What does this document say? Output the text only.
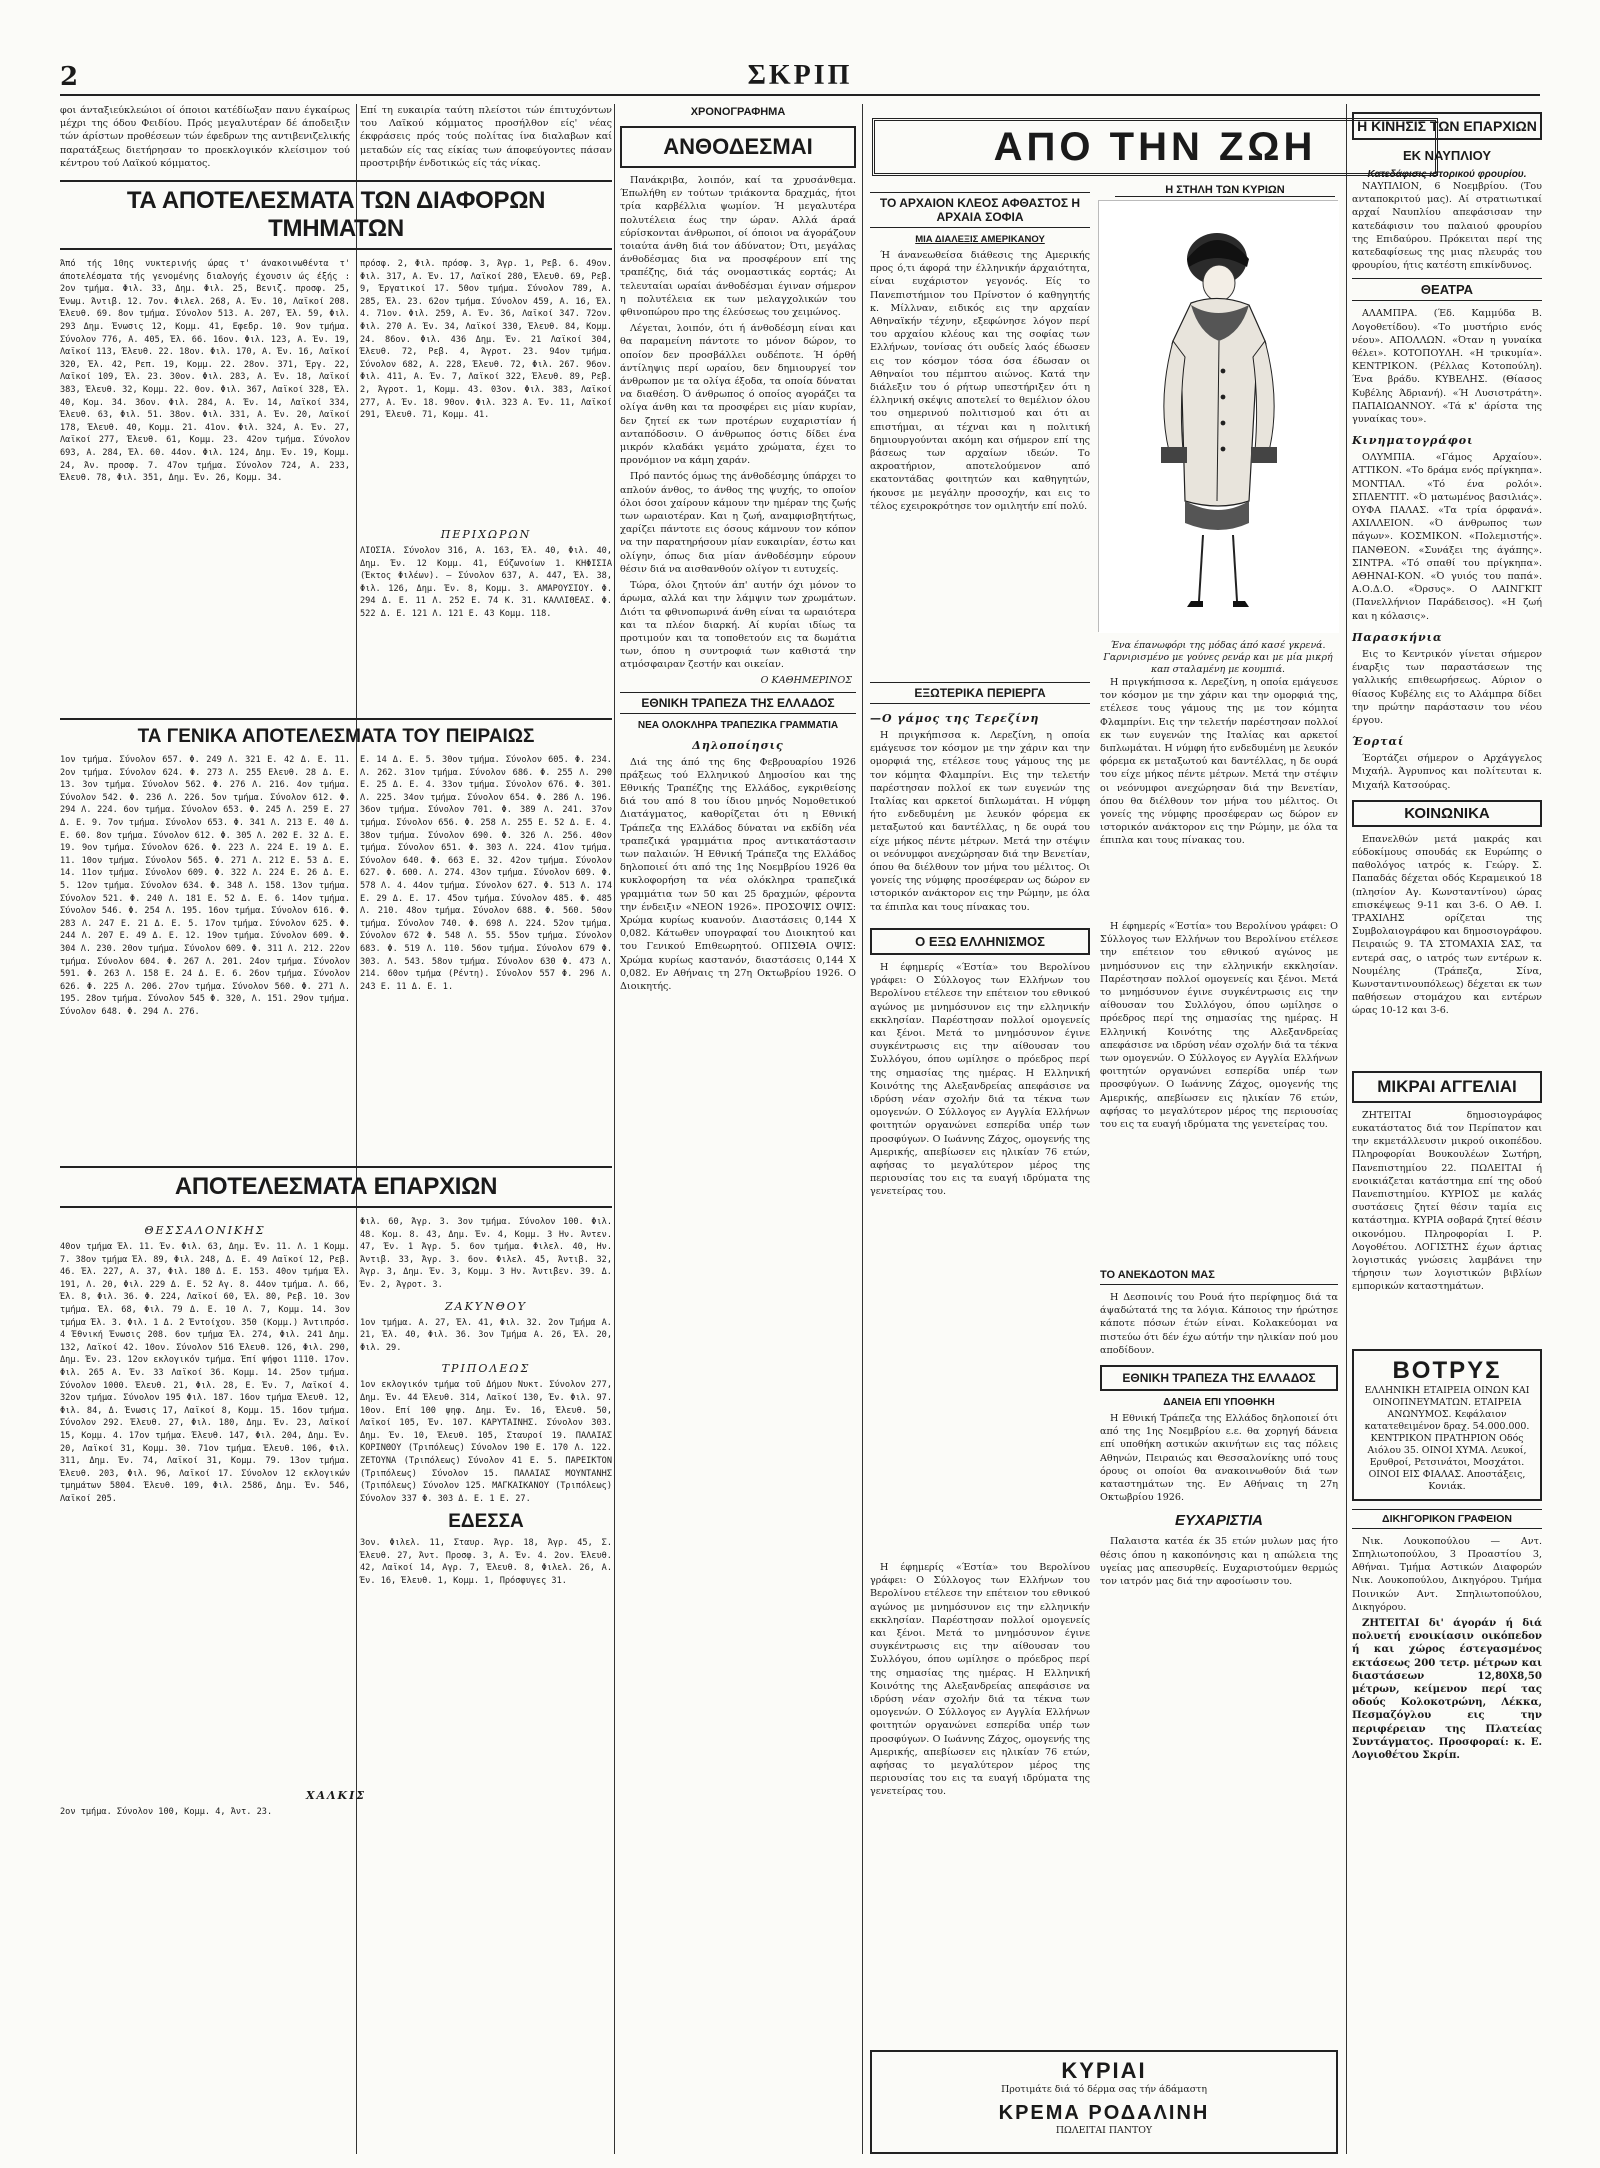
2	ΣΚΡΙΠ
φοι άνταξιεύκλεώιοι οί όποιοι κατέδίωξαν πανυ έγκαίρως μέχρι της όδου Φειδίου. Πρός μεγαλυτέραν δέ άποδειξιν τών άρίστων προθέσεων τών έφεδρων της αντιβενιζελικής παρατάξεως διετήρησαν το προεκλογικόν κλείσιμον τού κέντρου τού Λαϊκού κόμματος.
Επί τη ευκαιρία ταύτη πλείστοι τών έπιτυχόντων του Λαϊκού κόμματος προσήλθον είς' νέας έκφράσεις πρός τούς πολίτας ίνα διαλαβων καί μεταδών είς τας είκίας των άποφεύγοντες πάσαν προστριβήν ένδοτικώς είς τάς νίκας.
ΤΑ ΑΠΟΤΕΛΕΣΜΑΤΑ ΤΩΝ ΔΙΑΦΟΡΩΝ ΤΜΗΜΑΤΩΝ
Άπό τής 10ης νυκτερινής ώρας τ' άνακοινωθέντα τ' άποτελέσματα τής γενομένης διαλογής έχουσιν ώς έξής : 2ον τμήμα. Φιλ. 33, Δημ. Φιλ. 25, Βενιζ. προσφ. 25, Ένωμ. Άντιβ. 12. 7ον. Φιλελ. 268, Α. Έν. 10, Λαϊκοί 208. Έλευθ. 69. 8ον τμήμα. Σύνολον 513. Α. 207, Έλ. 59, Φιλ. 293 Δημ. Ένωσις 12, Κομμ. 41, Εφεδρ. 10. 9ον τμήμα. Σύνολον 776, Α. 405, Έλ. 66. 16ον. Φιλ. 123, Α. Έν. 19, Λαϊκοί 113, Έλευθ. 22. 18ον. Φιλ. 170, Α. Έν. 16, Λαϊκοί 320, Έλ. 42, Ρεπ. 19, Κομμ. 22. 28ον. 371, Έργ. 22, Λαϊκοί 109, Έλ. 23. 30ον. Φιλ. 283, Α. Έν. 18, Λαϊκοί 383, Έλευθ. 32, Κομμ. 22. 0ον. Φιλ. 367, Λαϊκοί 328, Έλ. 40, Κομ. 34. 36ον. Φιλ. 284, Α. Έν. 14, Λαϊκοί 334, Έλευθ. 63, Φιλ. 51. 38ον. Φιλ. 331, Α. Έν. 20, Λαϊκοί 178, Έλευθ. 40, Κομμ. 21. 41ον. Φιλ. 324, Α. Έν. 27, Λαϊκοί 277, Έλευθ. 61, Κομμ. 23. 42ον τμήμα. Σύνολον 693, Α. 284, Έλ. 60. 44ον. Φιλ. 124, Δημ. Έν. 19, Κομμ. 24, Άν. προσφ. 7. 47ον τμήμα. Σύνολον 724, Α. 233, Έλευθ. 78, Φιλ. 351, Δημ. Έν. 26, Κομμ. 34.
πρόσφ. 2, Φιλ. πρόσφ. 3, Άγρ. 1, Ρεβ. 6. 49ον. Φιλ. 317, Α. Έν. 17, Λαϊκοί 280, Έλευθ. 69, Ρεβ. 9, Έργατικοί 17. 50ον τμήμα. Σύνολον 789, Α. 285, Έλ. 23. 62ον τμήμα. Σύνολον 459, Α. 16, Έλ. 4. 71ον. Φιλ. 259, Α. Έν. 36, Λαϊκοί 347. 72ον. Φιλ. 270 Α. Έν. 34, Λαϊκοί 330, Έλευθ. 84, Κομμ. 24. 86ον. Φιλ. 436 Δημ. Έν. 21 Λαϊκοί 304, Έλευθ. 72, Ρεβ. 4, Άγροτ. 23. 94ον τμήμα. Σύνολον 682, Α. 228, Έλευθ. 72, Φιλ. 267. 96ον. Φιλ. 411, Α. Έν. 7, Λαϊκοί 322, Έλευθ. 89, Ρεβ. 2, Άγροτ. 1, Κομμ. 43. 03ον. Φιλ. 383, Λαϊκοί 277, Α. Έν. 18. 90ον. Φιλ. 323 Α. Έν. 11, Λαϊκοί 291, Έλευθ. 71, Κομμ. 41.
ΠΕΡΙΧΩΡΩΝ
ΛΙΟΣΙΑ. Σύνολον 316, Α. 163, Έλ. 40, Φιλ. 40, Δημ. Έν. 12 Κομμ. 41, Εύζωνοίων 1. ΚΗΦΙΣΙΑ (Έκτος Φιλέων). — Σύνολον 637, Α. 447, Έλ. 38, Φιλ. 126, Δημ. Έν. 8, Κομμ. 3. ΑΜΑΡΟΥΣΙΟΥ. Φ. 294 Δ. Ε. 11 Λ. 252 Ε. 74 Κ. 31. ΚΑΛΛΙΘΕΑΣ. Φ. 522 Δ. Ε. 121 Λ. 121 Ε. 43 Κομμ. 118.
ΤΑ ΓΕΝΙΚΑ ΑΠΟΤΕΛΕΣΜΑΤΑ ΤΟΥ ΠΕΙΡΑΙΩΣ
1ον τμήμα. Σύνολον 657. Φ. 249 Λ. 321 Ε. 42 Δ. Ε. 11. 2ον τμήμα. Σύνολον 624. Φ. 273 Λ. 255 Ελευθ. 28 Δ. Ε. 13. 3ον τμήμα. Σύνολον 562. Φ. 276 Λ. 216. 4ον τμήμα. Σύνολον 542. Φ. 236 Λ. 226. 5ον τμήμα. Σύνολον 612. Φ. 294 Λ. 224. 6ον τμήμα. Σύνολον 653. Φ. 245 Λ. 259 Ε. 27 Δ. Ε. 9. 7ον τμήμα. Σύνολον 653. Φ. 341 Λ. 213 Ε. 40 Δ. Ε. 60. 8ον τμήμα. Σύνολον 612. Φ. 305 Λ. 202 Ε. 32 Δ. Ε. 19. 9ον τμήμα. Σύνολον 626. Φ. 223 Λ. 224 Ε. 19 Δ. Ε. 11. 10ον τμήμα. Σύνολον 565. Φ. 271 Λ. 212 Ε. 53 Δ. Ε. 14. 11ον τμήμα. Σύνολον 609. Φ. 322 Λ. 224 Ε. 26 Δ. Ε. 5. 12ον τμήμα. Σύνολον 634. Φ. 348 Λ. 158. 13ον τμήμα. Σύνολον 521. Φ. 240 Λ. 181 Ε. 52 Δ. Ε. 6. 14ον τμήμα. Σύνολον 546. Φ. 254 Λ. 195. 16ον τμήμα. Σύνολον 616. Φ. 283 Λ. 247 Ε. 21 Δ. Ε. 5. 17ον τμήμα. Σύνολον 625. Φ. 244 Λ. 207 Ε. 49 Δ. Ε. 12. 19ον τμήμα. Σύνολον 609. Φ. 304 Λ. 230. 20ον τμήμα. Σύνολον 609. Φ. 311 Λ. 212. 22ον τμήμα. Σύνολον 604. Φ. 267 Λ. 201. 24ον τμήμα. Σύνολον 591. Φ. 263 Λ. 158 Ε. 24 Δ. Ε. 6. 26ον τμήμα. Σύνολον 626. Φ. 225 Λ. 206. 27ον τμήμα. Σύνολον 560. Φ. 271 Λ. 195. 28ον τμήμα. Σύνολον 545 Φ. 320, Λ. 151. 29ον τμήμα. Σύνολον 648. Φ. 294 Λ. 276.
Ε. 14 Δ. Ε. 5. 30ον τμήμα. Σύνολον 605. Φ. 234. Λ. 262. 31ον τμήμα. Σύνολον 686. Φ. 255 Λ. 290 Ε. 25 Δ. Ε. 4. 33ον τμήμα. Σύνολον 676. Φ. 301. Λ. 225. 34ον τμήμα. Σύνολον 654. Φ. 286 Λ. 196. 36ον τμήμα. Σύνολον 701. Φ. 389 Λ. 241. 37ον τμήμα. Σύνολον 656. Φ. 258 Λ. 255 Ε. 52 Δ. Ε. 4. 38ον τμήμα. Σύνολον 690. Φ. 326 Λ. 256. 40ον τμήμα. Σύνολον 651. Φ. 303 Λ. 224. 41ον τμήμα. Σύνολον 640. Φ. 663 Ε. 32. 42ον τμήμα. Σύνολον 627. Φ. 600. Λ. 274. 43ον τμήμα. Σύνολον 609. Φ. 578 Λ. 4. 44ον τμήμα. Σύνολον 627. Φ. 513 Λ. 174 Ε. 29 Δ. Ε. 17. 45ον τμήμα. Σύνολον 485. Φ. 485 Λ. 210. 48ον τμήμα. Σύνολον 688. Φ. 560. 50ον τμήμα. Σύνολον 740. Φ. 698 Λ. 224. 52ον τμήμα. Σύνολον 672 Φ. 548 Λ. 55. 55ον τμήμα. Σύνολον 683. Φ. 519 Λ. 110. 56ον τμήμα. Σύνολον 679 Φ. 303. Λ. 543. 58ον τμήμα. Σύνολον 630 Φ. 473 Λ. 214. 60ον τμήμα (Ρέντη). Σύνολον 557 Φ. 296 Λ. 243 Ε. 11 Δ. Ε. 1.
ΑΠΟΤΕΛΕΣΜΑΤΑ ΕΠΑΡΧΙΩΝ
ΘΕΣΣΑΛΟΝΙΚΗΣ
40ον τμήμα Έλ. 11. Έν. Φιλ. 63, Δημ. Έν. 11. Λ. 1 Κομμ. 7. 38ον τμήμα Έλ. 89, Φιλ. 248, Δ. Ε. 49 Λαϊκοί 12, Ρεβ. 46. Έλ. 227, Α. 37, Φιλ. 180 Δ. Ε. 153. 40ον τμήμα Έλ. 191, Λ. 20, Φιλ. 229 Δ. Ε. 52 Αγ. 8. 44ον τμήμα. Λ. 66, Έλ. 8, Φιλ. 36. Φ. 224, Λαϊκοί 60, Έλ. 80, Ρεβ. 10. 3ον τμήμα. Έλ. 68, Φιλ. 79 Δ. Ε. 10 Λ. 7, Κομμ. 14. 3ον τμήμα Έλ. 3. Φιλ. 1 Δ. 2 Έντοίχου. 350 (Κομμ.) Άντιπρόσ. 4 Έθνική Ένωσις 208. 6ον τμήμα Έλ. 274, Φιλ. 241 Δημ. 132, Λαϊκοί 42. 10ον. Σύνολον 516 Έλευθ. 126, Φιλ. 290, Δημ. Έν. 23. 12ον εκλογικόν τμήμα. Έπί ψήφοι 1110. 17ον. Φιλ. 265 Α. Έν. 33 Λαϊκοί 36. Κομμ. 14. 25ον τμήμα. Σύνολον 1000. Έλευθ. 21, Φιλ. 28, Ε. Έν. 7, Λαϊκοί 4. 32ον τμήμα. Σύνολον 195 Φιλ. 187. 16ον τμήμα Έλευθ. 12, Φιλ. 84, Δ. Ένωσις 17, Λαϊκοί 8, Κομμ. 15. 16ον τμήμα. Σύνολον 292. Έλευθ. 27, Φιλ. 180, Δημ. Έν. 23, Λαϊκοί 15, Κομμ. 4. 17ον τμήμα. Έλευθ. 147, Φιλ. 204, Δημ. Έν. 20, Λαϊκοί 31, Κομμ. 30. 71ον τμήμα. Έλευθ. 106, Φιλ. 311, Δημ. Έν. 74, Λαϊκοί 31, Κομμ. 79. 13ον τμήμα. Έλευθ. 203, Φιλ. 96, Λαϊκοί 17. Σύνολον 12 εκλογικών τμημάτων 5804. Έλευθ. 109, Φιλ. 2586, Δημ. Έν. 546, Λαϊκοί 205.
Φιλ. 60, Άγρ. 3. 3ον τμήμα. Σύνολον 100. Φιλ. 48. Κομ. 8. 43, Δημ. Έν. 4, Κομμ. 3 Ην. Άντεν. 47, Έν. 1 Άγρ. 5. 6ον τμήμα. Φιλελ. 40, Ην. Άντιβ. 33, Άγρ. 3. 6ον. Φιλελ. 45, Άντιβ. 32, Άγρ. 3, Δημ. Έν. 3, Κομμ. 3 Ην. Άντιβεν. 39. Δ. Έν. 2, Άγροτ. 3.
ΖΑΚΥΝΘΟΥ
1ον τμήμα. Α. 27, Έλ. 41, Φιλ. 32. 2ον Τμήμα Α. 21, Έλ. 40, Φιλ. 36. 3ον Τμήμα Α. 26, Έλ. 20, Φιλ. 29.
ΤΡΙΠΟΛΕΩΣ
1ον εκλογικόν τμήμα τοῦ Δήμου Νυκτ. Σύνολον 277, Δημ. Έν. 44 Έλευθ. 314, Λαϊκοί 130, Έν. Φιλ. 97. 10ον. Επί 100 ψηφ. Δημ. Έν. 16, Έλευθ. 50, Λαϊκοί 105, Έν. 107. ΚΑΡΥΤΑΙΝΗΣ. Σύνολον 303. Δημ. Έν. 10, Έλευθ. 105, Σταυροί 19. ΠΑΛΑΙΑΣ ΚΟΡΙΝΘΟΥ (Τριπόλεως) Σύνολον 190 Ε. 170 Λ. 122. ΖΕΤΟΥΝΑ (Τριπόλεως) Σύνολον 41 Ε. 5. ΠΑΡΕΙΚΤΟΝ (Τριπόλεως) Σύνολον 15. ΠΑΛΑΙΑΣ ΜΟΥΝΤΑΝΗΣ (Τριπόλεως) Σύνολον 125. ΜΑΓΚΑΙΚΑΝΟΥ (Τριπόλεως) Σύνολον 337 Φ. 303 Δ. Ε. 1 Ε. 27.
ΕΔΕΣΣΑ
3ον. Φιλελ. 11, Σταυρ. Άγρ. 18, Άγρ. 45, Σ. Έλευθ. 27, Άντ. Προσφ. 3, Α. Έν. 4. 2ον. Έλευθ. 42, Λαϊκοί 14, Αγρ. 7, Έλευθ. 8, Φιλελ. 26, Α. Έν. 16, Έλευθ. 1, Κομμ. 1, Πρόσφυγες 31.
ΧΑΛΚΙΣ
2ον τμήμα. Σύνολον 100, Κομμ. 4, Άντ. 23.
ΧΡΟΝΟΓΡΑΦΗΜΑ
ΑΝΘΟΔΕΣΜΑΙ

Πανάκριβα, λοιπόν, καί τα χρυσάνθεμα. Έπωλήθη εν τούτων τριάκοντα δραχμάς, ήτοι τρία καρβέλλια ψωμίον. Ή μεγαλυτέρα πολυτέλεια έως την ώραν. Αλλά άραά εύρίσκονται άνθρωποι, οί όποιοι να άγοράζουν τοιαύτα άνθη διά τον άδύνατον; Ότι, μεγάλας άνθοδέσμας δια να προσφέρουν επί της τραπέζης, διά τάς ονομαστικάς εορτάς; Αι τελευταίαι ωραίαι άνθοδέσμαι έγιναν σήμερον η πολυτέλεια εκ των μελαγχολικών του φθινοπώρου προ της έλεύσεως του χειμώνος.

Λέγεται, λοιπόν, ότι ή άνθοδέσμη είναι και θα παραμείνη πάντοτε το μόνον δώρον, το οποίον δεν προσβάλλει ουδέποτε. Ή όρθή άντίληψις περί ωραίου, δεν δημιουργεί τον άνθρωπον με τα ολίγα έξοδα, τα οποία δύναται να διαθέση. Ό άνθρωπος ό οποίος αγοράζει τα ολίγα άνθη και τα προσφέρει εις μίαν κυρίαν, δεν ζητεί εκ των προτέρων ευχαριστίαν ή ανταπόδοσιν. Ο άνθρωπος όστις δίδει ένα μικρόν κλαδάκι γεμάτο χρώματα, έχει το προνόμιον να κάμη χαράν.

Πρό παντός όμως της άνθοδέσμης ύπάρχει το απλούν άνθος, το άνθος της ψυχής, το οποίον όλοι όσοι χαίρουν κάμουν την ημέραν της ζωής των ωραιοτέραν. Και η ζωή, αναμφισβητήτως, χαρίζει πάντοτε εις όσους κάμνουν τον κόπον να την παρατηρήσουν μίαν ευκαιρίαν, έστω και ολίγην, όπως δια μίαν άνθοδέσμην εύρουν θέσιν διά να αισθανθούν ολίγον τι ευτυχείς.

Τώρα, όλοι ζητούν άπ' αυτήν όχι μόνον το άρωμα, αλλά και την λάμψιν των χρωμάτων. Διότι τα φθινοπωρινά άνθη είναι τα ωραιότερα και τα πλέον διαρκή. Αί κυρίαι ιδίως τα προτιμούν και τα τοποθετούν εις τα δωμάτια των, όπου η συντροφιά των καθιστά την ατμόσφαιραν ζεστήν και οικείαν.

Ο ΚΑΘΗΜΕΡΙΝΟΣ
ΕΘΝΙΚΗ ΤΡΑΠΕΖΑ ΤΗΣ ΕΛΛΑΔΟΣ
ΝΕΑ ΟΛΟΚΛΗΡΑ ΤΡΑΠΕΖΙΚΑ ΓΡΑΜΜΑΤΙΑ
Δηλοποίησις

Διά της άπό της 6ης Φεβρουαρίου 1926 πράξεως τού Ελληνικού Δημοσίου και της Εθνικής Τραπέζης της Ελλάδος, εγκριθείσης διά του από 8 του ίδιου μηνός Νομοθετικού Διατάγματος, καθορίζεται ότι η Εθνική Τράπεζα της Ελλάδος δύναται να εκδίδη νέα τραπεζικά γραμμάτια προς αντικατάστασιν των παλαιών. Ή Εθνική Τράπεζα της Ελλάδος δηλοποιεί ότι από της 1ης Νοεμβρίου 1926 θα κυκλοφορήση τα νέα ολόκληρα τραπεζικά γραμμάτια των 50 και 25 δραχμών, φέροντα την ένδειξιν «ΝΕΟΝ 1926». ΠΡΟΣΟΨΙΣ ΟΨΙΣ: Χρώμα κυρίως κυανούν. Διαστάσεις 0,144 Χ 0,082. Κάτωθεν υπογραφαί του Διοικητού και του Γενικού Επιθεωρητού. ΟΠΙΣΘΙΑ ΟΨΙΣ: Χρώμα κυρίως καστανόν, διαστάσεις 0,144 Χ 0,082. Εν Αθήναις τη 27η Οκτωβρίου 1926. Ο Διοικητής.

ΑΠΟ ΤΗΝ ΖΩΗ
Η ΣΤΗΛΗ ΤΩΝ ΚΥΡΙΩΝ
Ένα έπανωφόρι της μόδας άπό κασέ γκρενά. Γαρνιρισμένο με γούνες ρενάρ και με μία μικρή καπ σταλαμένη με κουμπιά.
ΤΟ ΑΡΧΑΙΟΝ ΚΛΕΟΣ ΑΦΘΑΣΤΟΣ Η ΑΡΧΑΙΑ ΣΟΦΙΑ
ΜΙΑ ΔΙΑΛΕΞΙΣ ΑΜΕΡΙΚΑΝΟΥ

Ή άνανεωθείσα διάθεσις της Αμερικής προς ό,τι άφορά την έλληνικήν άρχαιότητα, είναι ευχάριστον γεγονός. Είς το Πανεπιστήμιον του Πρίνστον ό καθηγητής κ. Μίλλναν, ειδικός εις την αρχαίαν Αθηναϊκήν τέχνην, εξεφώνησε λόγον περί του αρχαίου κλέους και της σοφίας των Ελλήνων, τονίσας ότι ουδείς λαός έδωσεν εις τον κόσμον τόσα όσα έδωσαν οι Αθηναίοι του πέμπτου αιώνος. Κατά την διάλεξιν του ό ρήτωρ υπεστήριξεν ότι η έλληνική σκέψις αποτελεί το θεμέλιον όλου του σημερινού πολιτισμού και ότι αι επιστήμαι, αι τέχναι και η πολιτική δημιουργούνται ακόμη και σήμερον επί της βάσεως των αρχαίων ιδεών. Το ακροατήριον, αποτελούμενον από εκατοντάδας φοιτητών και καθηγητών, ήκουσε με μεγάλην προσοχήν, και εις το τέλος εχειροκρότησε τον ομιλητήν επί πολύ.

ΕΞΩΤΕΡΙΚΑ ΠΕΡΙΕΡΓΑ
—Ο γάμος της Τερεζίνη

Η πριγκήπισσα κ. Λερεζίνη, η οποία εμάγευσε τον κόσμον με την χάριν και την ομορφιά της, ετέλεσε τους γάμους της με τον κόμητα Φλαμπρίνι. Εις την τελετήν παρέστησαν πολλοί εκ των ευγενών της Ιταλίας και αρκετοί διπλωμάται. Η νύμφη ήτο ενδεδυμένη με λευκόν φόρεμα εκ μεταξωτού και δαντέλλας, η δε ουρά του είχε μήκος πέντε μέτρων. Μετά την στέψιν οι νεόνυμφοι ανεχώρησαν διά την Βενετίαν, όπου θα διέλθουν τον μήνα του μέλιτος. Οι γονείς της νύμφης προσέφεραν ως δώρον εν ιστορικόν ανάκτορον εις την Ρώμην, με όλα τα έπιπλα και τους πίνακας του.

Η πριγκήπισσα κ. Λερεζίνη, η οποία εμάγευσε τον κόσμον με την χάριν και την ομορφιά της, ετέλεσε τους γάμους της με τον κόμητα Φλαμπρίνι. Εις την τελετήν παρέστησαν πολλοί εκ των ευγενών της Ιταλίας και αρκετοί διπλωμάται. Η νύμφη ήτο ενδεδυμένη με λευκόν φόρεμα εκ μεταξωτού και δαντέλλας, η δε ουρά του είχε μήκος πέντε μέτρων. Μετά την στέψιν οι νεόνυμφοι ανεχώρησαν διά την Βενετίαν, όπου θα διέλθουν τον μήνα του μέλιτος. Οι γονείς της νύμφης προσέφεραν ως δώρον εν ιστορικόν ανάκτορον εις την Ρώμην, με όλα τα έπιπλα και τους πίνακας του.

Ο ΕΞΩ ΕΛΛΗΝΙΣΜΟΣ

Η έφημερίς «Έστία» του Βερολίνου γράφει: Ο Σύλλογος των Ελλήνων του Βερολίνου ετέλεσε την επέτειον του εθνικού αγώνος με μνημόσυνον εις την ελληνικήν εκκλησίαν. Παρέστησαν πολλοί ομογενείς και ξένοι. Μετά το μνημόσυνον έγινε συγκέντρωσις εις την αίθουσαν του Συλλόγου, όπου ωμίλησε ο πρόεδρος περί της σημασίας της ημέρας. Η Ελληνική Κοινότης της Αλεξανδρείας απεφάσισε να ιδρύση νέαν σχολήν διά τα τέκνα των ομογενών. Ο Σύλλογος εν Αγγλία Ελλήνων φοιτητών οργανώνει εσπερίδα υπέρ των προσφύγων. Ο Ιωάννης Ζάχος, ομογενής της Αμερικής, απεβίωσεν εις ηλικίαν 76 ετών, αφήσας το μεγαλύτερον μέρος της περιουσίας του εις τα ευαγή ιδρύματα της γενετείρας του.

Η έφημερίς «Έστία» του Βερολίνου γράφει: Ο Σύλλογος των Ελλήνων του Βερολίνου ετέλεσε την επέτειον του εθνικού αγώνος με μνημόσυνον εις την ελληνικήν εκκλησίαν. Παρέστησαν πολλοί ομογενείς και ξένοι. Μετά το μνημόσυνον έγινε συγκέντρωσις εις την αίθουσαν του Συλλόγου, όπου ωμίλησε ο πρόεδρος περί της σημασίας της ημέρας. Η Ελληνική Κοινότης της Αλεξανδρείας απεφάσισε να ιδρύση νέαν σχολήν διά τα τέκνα των ομογενών. Ο Σύλλογος εν Αγγλία Ελλήνων φοιτητών οργανώνει εσπερίδα υπέρ των προσφύγων. Ο Ιωάννης Ζάχος, ομογενής της Αμερικής, απεβίωσεν εις ηλικίαν 76 ετών, αφήσας το μεγαλύτερον μέρος της περιουσίας του εις τα ευαγή ιδρύματα της γενετείρας του.

Η έφημερίς «Έστία» του Βερολίνου γράφει: Ο Σύλλογος των Ελλήνων του Βερολίνου ετέλεσε την επέτειον του εθνικού αγώνος με μνημόσυνον εις την ελληνικήν εκκλησίαν. Παρέστησαν πολλοί ομογενείς και ξένοι. Μετά το μνημόσυνον έγινε συγκέντρωσις εις την αίθουσαν του Συλλόγου, όπου ωμίλησε ο πρόεδρος περί της σημασίας της ημέρας. Η Ελληνική Κοινότης της Αλεξανδρείας απεφάσισε να ιδρύση νέαν σχολήν διά τα τέκνα των ομογενών. Ο Σύλλογος εν Αγγλία Ελλήνων φοιτητών οργανώνει εσπερίδα υπέρ των προσφύγων. Ο Ιωάννης Ζάχος, ομογενής της Αμερικής, απεβίωσεν εις ηλικίαν 76 ετών, αφήσας το μεγαλύτερον μέρος της περιουσίας του εις τα ευαγή ιδρύματα της γενετείρας του.

ΤΟ ΑΝΕΚΔΟΤΟΝ ΜΑΣ

Η Δεσποινίς του Ρουά ήτο περίφημος διά τα άψαδώτατά της τα λόγια. Κάποιος την ήρώτησε κάποτε πόσων έτών είναι. Κολακεύομαι να πιστεύω ότι δέν έχω αύτήν την ηλικίαν πού μου αποδίδουν.

ΕΘΝΙΚΗ ΤΡΑΠΕΖΑ ΤΗΣ ΕΛΛΑΔΟΣ
ΔΑΝΕΙΑ ΕΠΙ ΥΠΟΘΗΚΗ

Η Εθνική Τράπεζα της Ελλάδος δηλοποιεί ότι από της 1ης Νοεμβρίου ε.ε. θα χορηγή δάνεια επί υποθήκη αστικών ακινήτων εις τας πόλεις Αθηνών, Πειραιώς και Θεσσαλονίκης υπό τους όρους οι οποίοι θα ανακοινωθούν διά των καταστημάτων της. Εν Αθήναις τη 27η Οκτωβρίου 1926.

ΕΥΧΑΡΙΣΤΙΑ

Παλαιστα κατέα έκ 35 ετών μυλων μας ήτο θέσις όπου η κακοπόνησις και η απώλεια της υγείας μας απεσυρθείς. Ευχαριστούμεν θερμώς τον ιατρόν μας διά την αφοσίωσιν του.

ΚΥΡΙΑΙ
Προτιμάτε διά τό δέρμα σας τήν άδάμαστη
ΚΡΕΜΑ ΡΟΔΑΛΙΝΗ
ΠΩΛΕΙΤΑΙ ΠΑΝΤΟΥ
Η ΚΙΝΗΣΙΣ ΤΩΝ ΕΠΑΡΧΙΩΝ
ΕΚ ΝΑΥΠΛΙΟΥ
Κατεδάφισις ιστορικού φρουρίου.

ΝΑΥΠΛΙΟΝ, 6 Νοεμβρίου. (Του ανταποκριτού μας). Αί στρατιωτικαί αρχαί Ναυπλίου απεφάσισαν την κατεδάφισιν του παλαιού φρουρίου της Επιδαύρου. Πρόκειται περί της κατεδαφίσεως της μιας πλευράς του φρουρίου, ήτις κατέστη επικίνδυνος.

ΘΕΑΤΡΑ

ΑΛΑΜΠΡΑ. (Έδ. Καμμύδα Β. Λογοθετίδου). «Το μυστήριο ενός νέου». ΑΠΟΛΛΩΝ. «Όταν η γυναίκα θέλει». ΚΟΤΟΠΟΥΛΗ. «Η τρικυμία». ΚΕΝΤΡΙΚΟΝ. (Ρέλλας Κοτοπούλη). Ένα βράδυ. ΚΥΒΕΛΗΣ. (Θίασος Κυβέλης Άδριανή). «Ή Λυσιστράτη». ΠΑΠΑΙΩΑΝΝΟΥ. «Τά κ' άρίστα της γυναίκας του».

Κινηματογράφοι

ΟΛΥΜΠΙΑ. «Γάμος Αρχαίου». ΑΤΤΙΚΟΝ. «Το δράμα ενός πρίγκηπα». ΜΟΝΤΙΑΛ. «Τό ένα ρολόι». ΣΠΛΕΝΤΙΤ. «Ό ματωμένος βασιλιάς». ΟΥΦΑ ΠΑΛΑΣ. «Τα τρία όρφανά». ΑΧΙΛΛΕΙΟΝ. «Ό άνθρωπος των πάγων». ΚΟΣΜΙΚΟΝ. «Πολεμιστής». ΠΑΝΘΕΟΝ. «Συνάξει της άγάπης». ΣΙΝΤΡΑ. «Τό σπαθί του πρίγκηπα». ΑΘΗΝΑΙ-ΚΟΝ. «Ό γυιός του παπά». Α.Ο.Δ.Ο. «Όρσυς». Ο ΛΑΙΝΓΚΙΤ (Πανελλήνιον Παράδεισος). «Η ζωή και η κόλασις».

Παρασκήνια

Εις το Κεντρικόν γίνεται σήμερον έναρξις των παραστάσεων της γαλλικής επιθεωρήσεως. Αύριον ο θίασος Κυβέλης εις το Αλάμπρα δίδει την πρώτην παράστασιν του νέου έργου.

Έορταί

Έορτάζει σήμερον ο Αρχάγγελος Μιχαήλ. Άγρυπνος και πολίτευται κ. Μιχαήλ Κατσούρας.

ΚΟΙΝΩΝΙΚΑ

Επανελθών μετά μακράς και εύδοκίμους σπουδάς εκ Ευρώπης ο παθολόγος ιατρός κ. Γεώργ. Σ. Παπαδάς δέχεται οδός Κεραμεικού 18 (πλησίον Αγ. Κωνσταντίνου) ώρας επισκέψεως 9-11 και 3-6. Ο ΑΘ. Ι. ΤΡΑΧΙΛΗΣ ορίζεται της Συμβολαιογράφου και δημοσιογράφου. Πειραιώς 9. ΤΑ ΣΤΟΜΑΧΙΑ ΣΑΣ, τα εντερά σας, ο ιατρός των εντέρων κ. Νουμέλης (Τράπεζα, Σίνα, Κωνσταντινουπόλεως) δέχεται εκ των παθήσεων στομάχου και εντέρων ώρας 10-12 και 3-6.

ΜΙΚΡΑΙ ΑΓΓΕΛΙΑΙ

ΖΗΤΕΙΤΑΙ δημοσιογράφος ευκατάστατος διά τον Περίπατον και την εκμετάλλευσιν μικρού οικοπέδου. Πληροφορίαι Βουκουλέων Σωτήρη, Πανεπιστημίου 22. ΠΩΛΕΙΤΑΙ ή ενοικιάζεται κατάστημα επί της οδού Πανεπιστημίου. ΚΥΡΙΟΣ με καλάς συστάσεις ζητεί θέσιν ταμία εις κατάστημα. ΚΥΡΙΑ σοβαρά ζητεί θέσιν οικονόμου. Πληροφορίαι Ι. Ρ. Λογοθέτου. ΛΟΓΙΣΤΗΣ έχων άρτιας λογιστικάς γνώσεις λαμβάνει την τήρησιν των λογιστικών βιβλίων εμπορικών καταστημάτων.

ΒΟΤΡΥΣ
ΕΛΛΗΝΙΚΗ ΕΤΑΙΡΕΙΑ ΟΙΝΩΝ ΚΑΙ ΟΙΝΟΠΝΕΥΜΑΤΩΝ. ΕΤΑΙΡΕΙΑ ΑΝΩΝΥΜΟΣ. Κεφάλαιον κατατεθειμένον δραχ. 54.000.000. ΚΕΝΤΡΙΚΟΝ ΠΡΑΤΗΡΙΟΝ Οδός Αιόλου 35. ΟΙΝΟΙ ΧΥΜΑ. Λευκοί, Ερυθροί, Ρετσινάτοι, Μοσχάτοι. ΟΙΝΟΙ ΕΙΣ ΦΙΑΛΑΣ. Αποστάξεις, Κονιάκ.
ΔΙΚΗΓΟΡΙΚΟΝ ΓΡΑΦΕΙΟΝ

Νικ. Λουκοπούλου — Αντ. Σπηλιωτοπούλου, 3 Προαστίου 3, Αθήναι. Τμήμα Αστικών Διαφορών Νικ. Λουκοπούλου, Δικηγόρου. Τμήμα Ποινικών Αντ. Σπηλιωτοπούλου, Δικηγόρου.

ΖΗΤΕΙΤΑΙ δι' άγοράν ή διά πολυετή ενοικίασιν οικόπεδον ή και χώρος έστεγασμένος εκτάσεως 200 τετρ. μέτρων και διαστάσεων 12,80Χ8,50 μέτρων, κείμενον περί τας οδούς Κολοκοτρώνη, Λέκκα, Πεσμαζόγλου εις την περιφέρειαν της Πλατείας Συντάγματος. Προσφοραί: κ. Ε. Λογιοθέτου Σκρίπ.
